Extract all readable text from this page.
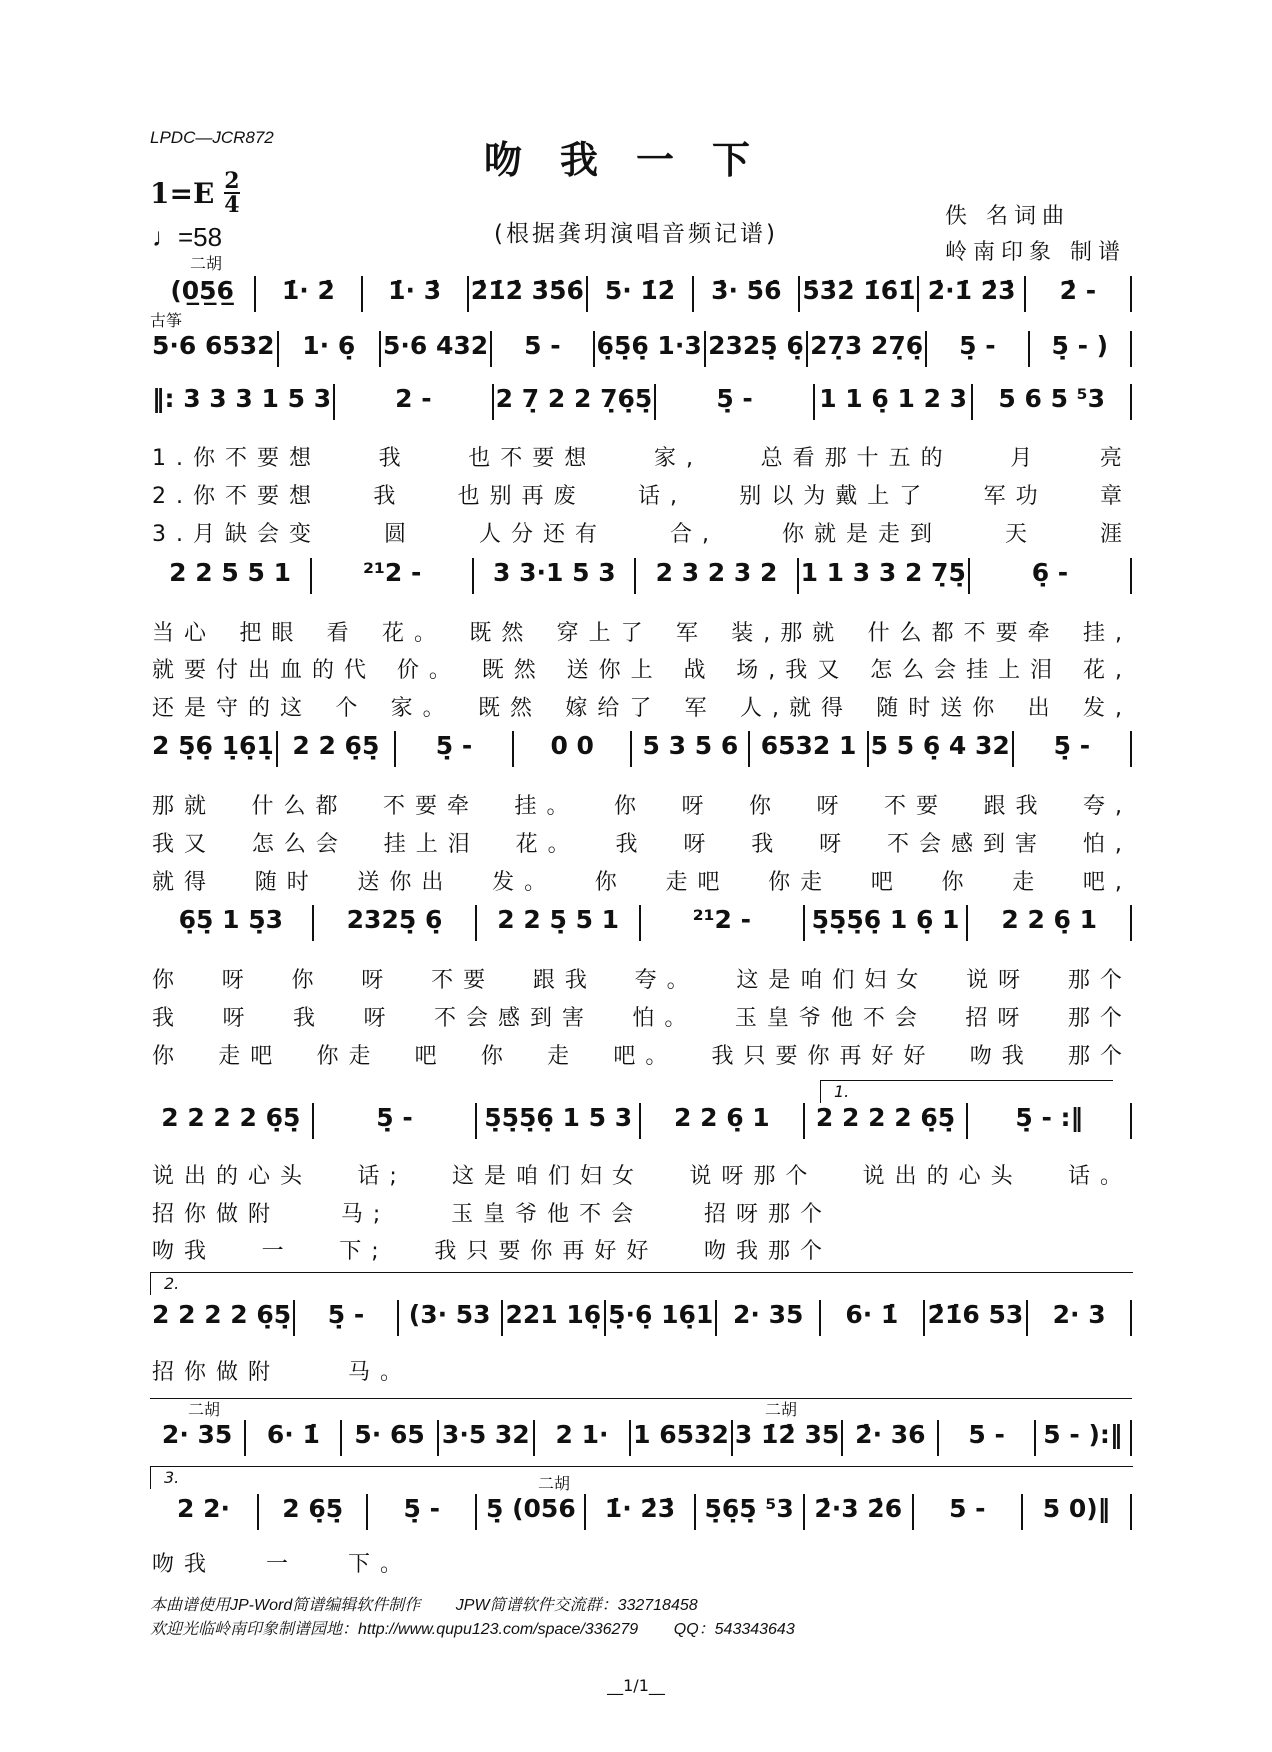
LPDC—JCR872	吻我一下
$1=E \frac{2}{4}$
♩=58	(根据龚玥演唱音频记谱)
佚 名词曲
岭南印象 制谱
(0̲5̲6̲	1̇· 2̇	1̇· 3̇	2̇1̇2̇ 3̇5̇6̇ 5· 1̇2̇	3̇· 5̇6̇ 5̇3̇2̇ 1̇6̇1̇ 2̇·1̇ 2̇3̇	2̇ -
二胡
5·6 6532	1· 6̣	5·6 432	5 -	6̣5̣6̣ 1·3 2325̣ 6̣ 27̣3 27̣6̣	5̣ -	5̣ - )
古筝
‖: 3 3 3 1 5 3	2 -	2 7̣ 2 2 7̣6̣5̣	5̣ -	1 1 6̣ 1 2 3	5 6 5 ⁵3
1.你不要想	我	也不要想	家,	总看那十五的	月	亮
2.你不要想 我 也别再废 话, 别以为戴上了 军功 章
3.月缺会变	圆	人分还有	合,	你就是走到	天	涯
2 2 5 5 1	²¹2 -	3 3·1 5 3	2 3 2 3 2 1 1 3 3 2 7̣5̣	6̣ -
当心 把眼 看 花。 既然 穿上了 军 装,那就 什么都不要牵 挂,
就要付出血的代 价。 既然 送你上 战 场,我又 怎么会挂上泪 花,
还是守的这 个 家。 既然 嫁给了 军 人,就得 随时送你 出 发,
2 5̣6̣ 1̣6̣1̣ 2 2 6̣5̣	5̣ -	0 0	5 3 5 6 6532 1 5 5 6̣ 4 32	5̣ -
那就 什么都 不要牵 挂。 你 呀 你 呀 不要 跟我 夸,
我又 怎么会 挂上泪 花。 我 呀 我 呀 不会感到害 怕,
就得 随时 送你出 发。 你 走吧 你走 吧 你 走 吧,
6̣5̣ 1 5̣3	2325̣ 6̣	2 2 5̣ 5 1	²¹2 -	5̣5̣5̣6̣ 1 6̣ 1	2 2 6̣ 1
你 呀 你 呀 不要 跟我 夸。 这是咱们妇女 说呀 那个
我 呀 我 呀 不会感到害 怕。 玉皇爷他不会 招呀 那个
你 走吧 你走 吧 你 走 吧。 我只要你再好好 吻我 那个
2 2 2 2 6̣5̣	5̣ -	5̣5̣5̣6̣ 1 5 3	2 2 6̣ 1	2 2 2 2 6̣5̣	5̣ - :‖
说出的心头 话; 这是咱们妇女 说呀那个 说出的心头 话。
招你做附	马;	玉皇爷他不会	招呀那个
吻我 一 下; 我只要你再好好 吻我那个
1.
2 2 2 2 6̣5̣	5̣ -	(3· 53 221 16̣ 5̣·6̣ 16̣1 2· 35	6· 1̇	2̇1̇6 53	2· 3
招你做附	马。
2.
2· 35	6· 1̇	5· 65 3·5 32	2 1· 1 6532 3 1̇2̇ 35 2̇· 36	5 -	5 - ):‖
二胡	二胡
2 2·	2 6̣5̣	5̣ -	5̣ (056	1̇· 2̇3̇	5̣6̣5̣ ⁵3 2̇·3 2̇6	5 -	5 0)‖
吻我 一 下。
3.	二胡
本曲谱使用JP-Word简谱编辑软件制作        JPW简谱软件交流群：332718458
欢迎光临岭南印象制谱园地：http://www.qupu123.com/space/336279        QQ：543343643
__1/1__
